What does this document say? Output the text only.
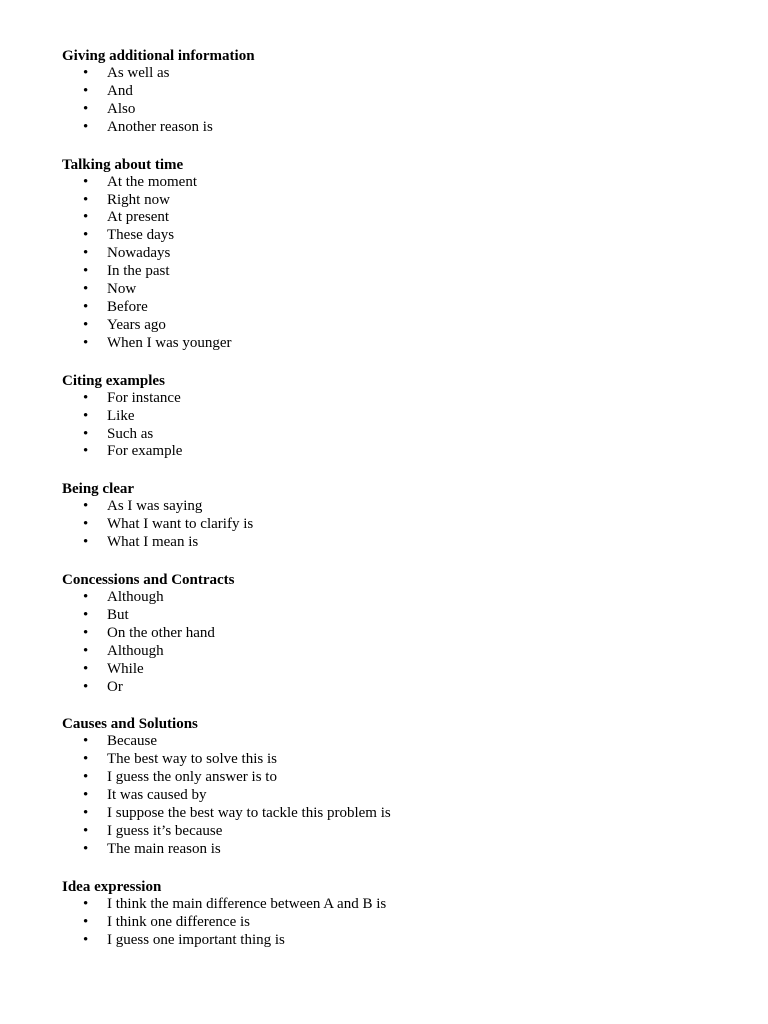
Giving additional information
• As well as
• And
• Also
• Another reason is
Talking about time
• At the moment
• Right now
• At present
• These days
• Nowadays
• In the past
• Now
• Before
• Years ago
• When I was younger
Citing examples
• For instance
• Like
• Such as
• For example
Being clear
• As I was saying
• What I want to clarify is
• What I mean is
Concessions and Contracts
• Although
• But
• On the other hand
• Although
• While
• Or
Causes and Solutions
• Because
• The best way to solve this is
• I guess the only answer is to
• It was caused by
• I suppose the best way to tackle this problem is
• I guess it’s because
• The main reason is
Idea expression
• I think the main difference between A and B is
• I think one difference is
• I guess one important thing is
